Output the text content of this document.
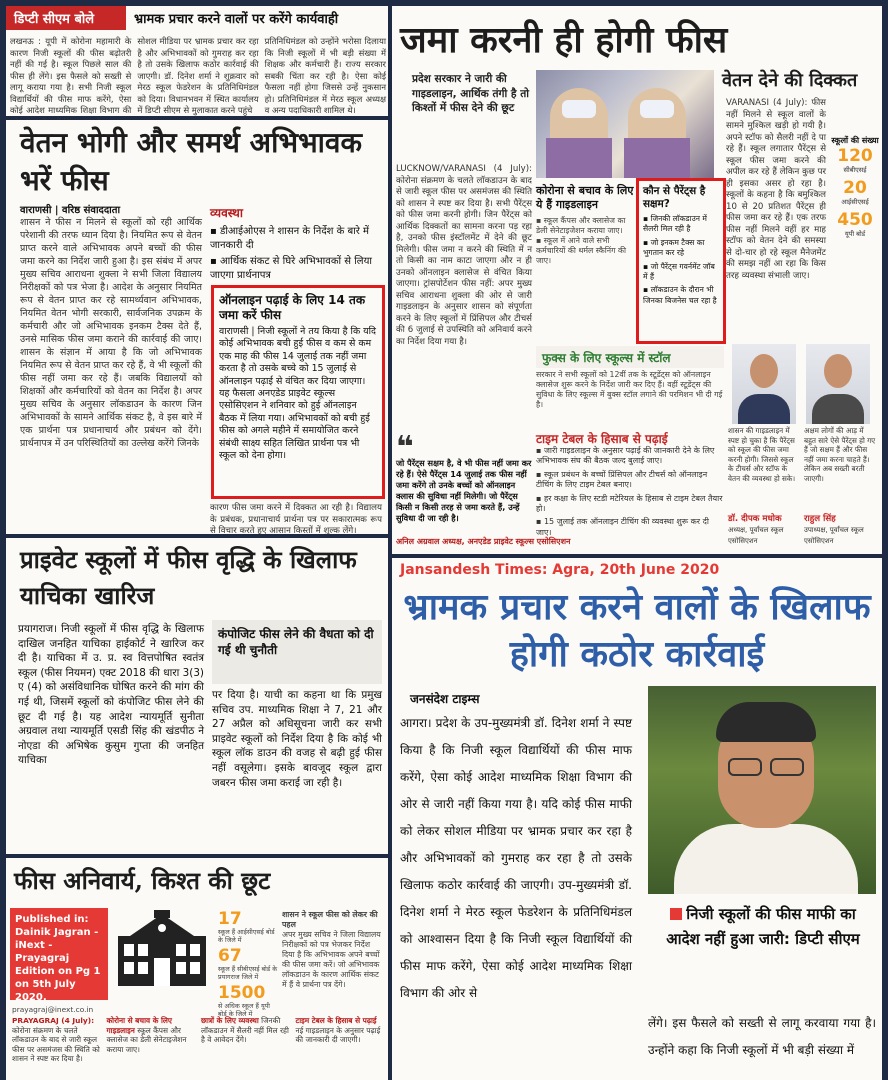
डिप्टी सीएम बोले	भ्रामक प्रचार करने वालों पर करेंगे कार्यवाही

लखनऊ : यूपी में कोरोना महामारी के कारण निजी स्कूलों की फीस बढ़ोतरी नहीं की गई है। स्कूल पिछले साल की फीस ही लेंगे। इस फैसले को सख्ती से लागू कराया गया है। सभी निजी स्कूल विद्यार्थियों की फीस माफ करेंगे, ऐसा कोई आदेश माध्यमिक शिक्षा विभाग की

सोशल मीडिया पर भ्रामक प्रचार कर रहा है और अभिभावकों को गुमराह कर रहा है तो उसके खिलाफ कठोर कार्रवाई की जाएगी। डॉ. दिनेश शर्मा ने शुक्रवार को मेरठ स्कूल फेडरेशन के प्रतिनिधिमंडल को दिया। विधानभवन में स्थित कार्यालय में डिप्टी सीएम से मुलाकात करने पहुंचे

प्रतिनिधिमंडल को उन्होंने भरोसा दिलाया कि निजी स्कूलों में भी बड़ी संख्या में शिक्षक और कर्मचारी हैं। राज्य सरकार सबकी चिंता कर रही है। ऐसा कोई फैसला नहीं होगा जिससे उन्हें नुकसान हो। प्रतिनिधिमंडल में मेरठ स्कूल अध्यक्ष व अन्य पदाधिकारी शामिल थे।

वेतन भोगी और समर्थ अभिभावक भरें फीस
वाराणसी | वरिष्ठ संवाददाता
शासन ने फीस न मिलने से स्कूलों को रही आर्थिक परेशानी की तरफ ध्यान दिया है। नियमित रूप से वेतन प्राप्त करने वाले अभिभावक अपने बच्चों की फीस जमा करने का निर्देश जारी हुआ है। इस संबंध में अपर मुख्य सचिव आराधना शुक्ला ने सभी जिला विद्यालय निरीक्षकों को पत्र भेजा है। आदेश के अनुसार नियमित रूप से वेतन प्राप्त कर रहे सामर्थ्यवान अभिभावक, नियमित वेतन भोगी सरकारी, सार्वजनिक उपक्रम के कर्मचारी और जो अभिभावक इनकम टैक्स देते हैं, उनसे मासिक फीस जमा कराने की कार्रवाई की जाए। शासन के संज्ञान में आया है कि जो अभिभावक नियमित रूप से वेतन प्राप्त कर रहे हैं, वे भी स्कूलों की फीस नहीं जमा कर रहे हैं। जबकि विद्यालयों को शिक्षकों और कर्मचारियों को वेतन का निर्देश है। अपर मुख्य सचिव के अनुसार लॉकडाउन के कारण जिन अभिभावकों के सामने आर्थिक संकट है, वे इस बारे में एक प्रार्थना पत्र प्रधानाचार्य और प्रबंधन को देंगे। प्रार्थनापत्र में उन परिस्थितियों का उल्लेख करेंगे जिनके
व्यवस्था
▪ डीआईओएस ने शासन के निर्देश के बारे में जानकारी दी
▪ आर्थिक संकट से घिरे अभिभावकों से लिया जाएगा प्रार्थनापत्र
ऑनलाइन पढ़ाई के लिए 14 तक जमा करें फीस

वाराणसी | निजी स्कूलों ने तय किया है कि यदि कोई अभिभावक बची हुई फीस व कम से कम एक माह की फीस 14 जुलाई तक नहीं जमा करता है तो उसके बच्चे को 15 जुलाई से ऑनलाइन पढ़ाई से वंचित कर दिया जाएगा। यह फैसला अनएडेड प्राइवेट स्कूल्स एसोसिएशन ने शनिवार को हुई ऑनलाइन बैठक में लिया गया। अभिभावकों को बची हुई फीस को अगले महीने में समायोजित करने संबंधी साक्ष्य सहित लिखित प्रार्थना पत्र भी स्कूल को देना होगा।

कारण फीस जमा करने में दिक्कत आ रही है। विद्यालय के प्रबंधक, प्रधानाचार्य प्रार्थना पत्र पर सकारात्मक रूप से विचार करते हुए आसान किस्तों में शुल्क लेंगे।
प्राइवेट स्कूलों में फीस वृद्धि के खिलाफ याचिका खारिज

प्रयागराज। निजी स्कूलों में फीस वृद्धि के खिलाफ दाखिल जनहित याचिका हाईकोर्ट ने खारिज कर दी है। याचिका में उ. प्र. स्व वित्तपोषित स्वतंत्र स्कूल (फीस नियमन) एक्ट 2018 की धारा 3(3) ए (4) को असंविधानिक घोषित करने की मांग की गई थी, जिसमें स्कूलों को कंपोजिट फीस लेने की छूट दी गई है। यह आदेश न्यायमूर्ति सुनीता अग्रवाल तथा न्यायमूर्ति एसडी सिंह की खंडपीठ ने नोएडा की अभिषेक कुसुम गुप्ता की जनहित याचिका

कंपोजिट फीस लेने की वैधता को दी गई थी चुनौती

पर दिया है। याची का कहना था कि प्रमुख सचिव उप. माध्यमिक शिक्षा ने 7, 21 और 27 अप्रैल को अधिसूचना जारी कर सभी प्राइवेट स्कूलों को निर्देश दिया है कि कोई भी स्कूल लॉक डाउन की वजह से बढ़ी हुई फीस नहीं वसूलेगा। इसके बावजूद स्कूल द्वारा जबरन फीस जमा कराई जा रही है।

फीस अनिवार्य, किश्त की छूट
Published in: Dainik Jagran - iNext - Prayagraj Edition on Pg 1 on 5th July 2020.
17
स्कूल हैं आईसीएसई बोर्ड के जिले में
67
स्कूल हैं सीबीएसई बोर्ड के प्रयागराज जिले में
1500
से अधिक स्कूल हैं यूपी बोर्ड के जिले में
शासन ने स्कूल फीस को लेकर की पहल
अपर मुख्य सचिव ने जिला विद्यालय निरीक्षकों को पत्र भेजकर निर्देश दिया है कि अभिभावक अपने बच्चों की फीस जमा करें। जो अभिभावक लॉकडाउन के कारण आर्थिक संकट में हैं वे प्रार्थना पत्र देंगे।
prayagraj@inext.co.in
PRAYAGRAJ (4 July): कोरोना संक्रमण के चलते लॉकडाउन के बाद से जारी स्कूल फीस पर असमंजस की स्थिति को शासन ने स्पष्ट कर दिया है।
कोरोना से बचाव के लिए गाइडलाइन स्कूल कैंपस और क्लासेज का डेली सेनेटाइजेशन कराया जाए।
छात्रों के लिए व्यवस्था जिनकी लॉकडाउन में सैलरी नहीं मिल रही है वे आवेदन देंगे।
टाइम टेबल के हिसाब से पढ़ाई नई गाइडलाइन के अनुसार पढ़ाई की जानकारी दी जाएगी।
जमा करनी ही होगी फीस
प्रदेश सरकार ने जारी की गाइडलाइन, आर्थिक तंगी है तो किश्तों में फीस देने की छूट
वेतन देने की दिक्कत
LUCKNOW/VARANASI (4 July): कोरोना संक्रमण के चलते लॉकडाउन के बाद से जारी स्कूल फीस पर असमंजस की स्थिति को शासन ने स्पष्ट कर दिया है। सभी पैरेंट्स को फीस जमा करनी होगी। जिन पैरेंट्स को आर्थिक दिक्कतों का सामना करना पड़ रहा है, उनको फीस इंस्टॉलमेंट में देने की छूट मिलेगी। फीस जमा न करने की स्थिति में न तो किसी का नाम काटा जाएगा और न ही उनको ऑनलाइन क्लासेज से वंचित किया जाएगा। ट्रांसपोर्टेशन फीस नहीं: अपर मुख्य सचिव आराधना शुक्ला की ओर से जारी गाइडलाइन के अनुसार शासन को संपूर्णता करने के लिए स्कूलों में प्रिंसिपल और टीचर्स की 6 जुलाई से उपस्थिति को अनिवार्य करने का निर्देश दिया गया है।
कोरोना से बचाव के लिए ये हैं गाइडलाइन
▪ स्कूल कैंपस और क्लासेज का डेली सेनेटाइजेशन कराया जाए।
▪ स्कूल में आने वाले सभी कर्मचारियों की थर्मल स्कैनिंग की जाए।
कौन से पैरेंट्स है सक्षम?

▪ जिनकी लॉकडाउन में सैलरी मिल रही है

▪ जो इनकम टैक्स का भुगतान कर रहे

▪ जो पैरेंट्स गवर्नमेंट जॉब में हैं

▪ लॉकडाउन के दौरान भी जिनका बिजनेस चल रहा है

VARANASI (4 July): फीस नहीं मिलने से स्कूल वालों के सामने मुश्किल खड़ी हो गयी है। अपने स्टॉफ को सैलरी नहीं दे पा रहे हैं। स्कूल लगातार पैरेंट्स से स्कूल फीस जमा करने की अपील कर रहे हैं लेकिन कुछ पर ही इसका असर हो रहा है। स्कूलों के कहना है कि बमुश्किल 10 से 20 प्रतिशत पैरेंट्स ही फीस जमा कर रहे हैं। एक तरफ फीस नहीं मिलने वहीं हर माह स्टॉफ को वेतन देने की समस्या से दो-चार हो रहे स्कूल मैनेजमेंट की समझ नहीं आ रहा कि किस तरह व्यवस्था संभाली जाए।
स्कूलों की संख्या
120
सीबीएसई
20
आईसीएसई
450
यूपी बोर्ड
फुक्स के लिए स्कूल्स में स्टॉल
सरकार ने सभी स्कूलों को 12वीं तक के स्टूडेंट्स को ऑनलाइन क्लासेज शुरू करने के निर्देश जारी कर दिए हैं। वहीं स्टूडेंट्स की सुविधा के लिए स्कूल्स में बुक्स स्टॉल लगाने की परमिशन भी दी गई है।
टाइम टेबल के हिसाब से पढ़ाई
▪ जारी गाइडलाइन के अनुसार पढ़ाई की जानकारी देने के लिए अभिभावक संघ की बैठक जल्द बुलाई जाए।
▪ स्कूल प्रबंधन के बच्चों प्रिंसिपल और टीचर्स को ऑनलाइन टीचिंग के लिए टाइम टेबल बनाए।
▪ हर कक्षा के लिए स्टडी मटेरियल के हिसाब से टाइम टेबल तैयार हो।
▪ 15 जुलाई तक ऑनलाइन टीचिंग की व्यवस्था शुरू कर दी जाए।
❝

जो पैरेंट्स सक्षम है, वे भी फीस नहीं जमा कर रहे हैं। ऐसे पैरेंट्स 14 जुलाई तक फीस नहीं जमा करेंगे तो उनके बच्चों को ऑनलाइन क्लास की सुविधा नहीं मिलेगी। जो पैरेंट्स किसी न किसी तरह से जमा करते हैं, उन्हें सुविधा दी जा रही है।

अनिल अग्रवाल अध्यक्ष, अनएडेड प्राइवेट स्कूल्स एसोसिएशन
शासन की गाइडलाइन में स्पष्ट हो चुका है कि पैरेंट्स को स्कूल की फीस जमा करनी होगी। जिससे स्कूल के टीचर्स और स्टॉफ के वेतन की व्यवस्था हो सके।
अक्षम लोगों की आड़ में बहुत सारे ऐसे पैरेंट्स हो गए हैं जो सक्षम हैं और फीस नहीं जमा करना चाहते हैं। लेकिन अब सख्ती बरती जाएगी।
डॉ. दीपक मधोक
अध्यक्ष, पूर्वांचल स्कूल एसोसिएशन
राहुल सिंह
उपाध्यक्ष, पूर्वांचल स्कूल एसोसिएशन
Jansandesh Times: Agra, 20th June 2020
भ्रामक प्रचार करने वालों के खिलाफ होगी कठोर कार्रवाई
जनसंदेश टाइम्स

आगरा। प्रदेश के उप-मुख्यमंत्री डॉ. दिनेश शर्मा ने स्पष्ट किया है कि निजी स्कूल विद्यार्थियों की फीस माफ करेंगे, ऐसा कोई आदेश माध्यमिक शिक्षा विभाग की ओर से जारी नहीं किया गया है। यदि कोई फीस माफी को लेकर सोशल मीडिया पर भ्रामक प्रचार कर रहा है और अभिभावकों को गुमराह कर रहा है तो उसके खिलाफ कठोर कार्रवाई की जाएगी। उप-मुख्यमंत्री डॉ. दिनेश शर्मा ने मेरठ स्कूल फेडरेशन के प्रतिनिधिमंडल को आश्वासन दिया है कि निजी स्कूल विद्यार्थियों की फीस माफ करेंगे, ऐसा कोई आदेश माध्यमिक शिक्षा विभाग की ओर से

निजी स्कूलों की फीस माफी का आदेश नहीं हुआ जारी: डिप्टी सीएम

लेंगे। इस फैसले को सख्ती से लागू करवाया गया है। उन्होंने कहा कि निजी स्कूलों में भी बड़ी संख्या में
